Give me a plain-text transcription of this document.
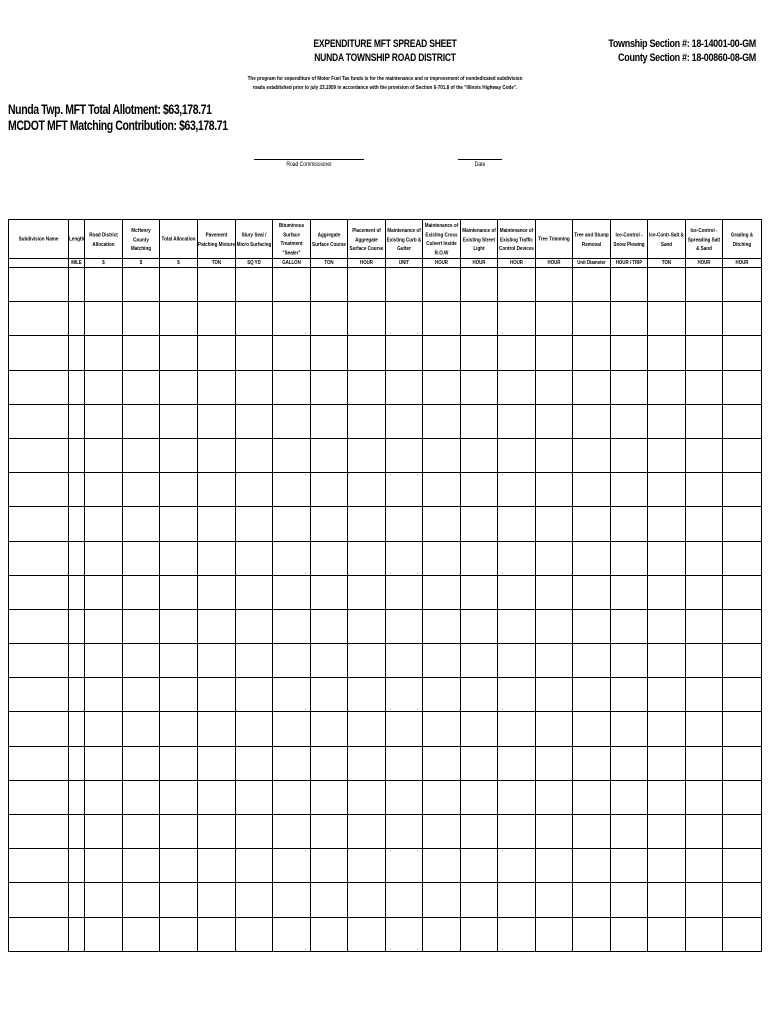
EXPENDITURE MFT SPREAD SHEET
NUNDA TOWNSHIP ROAD DISTRICT
Township Section #: 18-14001-00-GM
County Section #: 18-00860-08-GM
The program for expenditure of Motor Fuel Tax funds is for the maintenance and or improvement of nondedicated subdivision
roads established prior to july 23,1959 in accordance with the provision of Section 6-701.8 of the "Illinois Highway Code".
Nunda Twp. MFT Total Allotment: $63,178.71
MCDOT MFT Matching Contribution: $63,178.71
Road Commissioner	Date
Subdivision Name	Length	Road District Allocation	McHenry County Matching	Total Allocation	Pavement Patching Mixture	Slury Seal / Micro Surfacing	Bituminous Surface Treatment "Sealer"	Aggregate Surface Course	Placement of Aggregate Surface Course	Maintenance of Existing Curb & Gutter	Maintenance of Existing Cross Culvert Inside R.O.W	Maintenance of Existing Street Light	Maintenance of Existing Traffic Control Devices	Tree Trimming	Tree and Stump Removal	Ice-Control -Snow Plowing	Ice-Contr-Salt & Sand	Ice-Control - Spreading Salt & Sand	Grading & Ditching
	MILE	$	$	$	TON	SQ YD	GALLON	TON	HOUR	UNIT	HOUR	HOUR	HOUR	HOUR	Unit Diameter	HOUR / TRIP	TON	HOUR	HOUR
